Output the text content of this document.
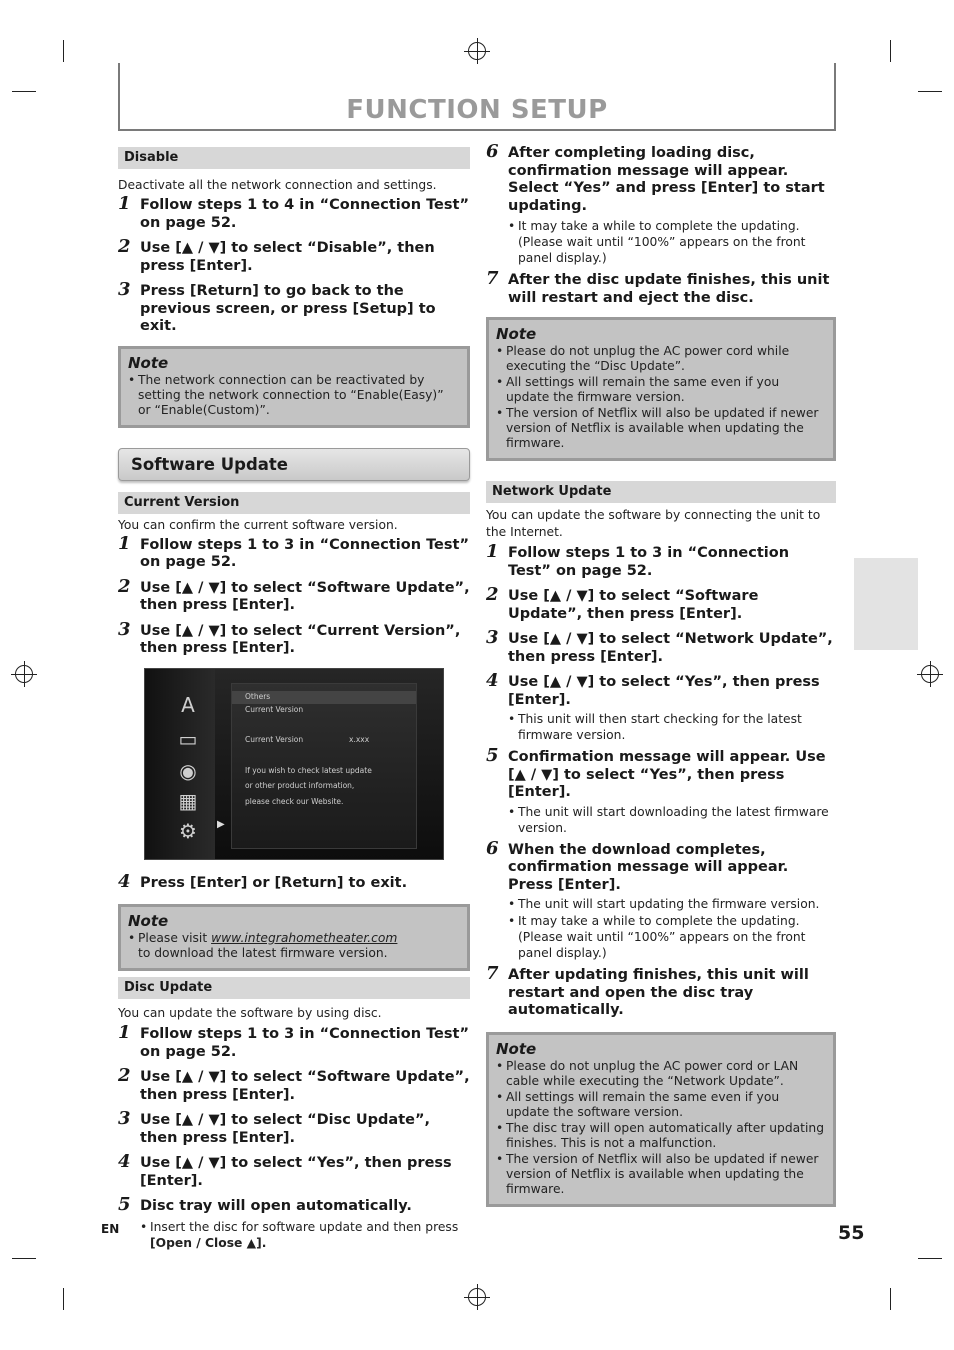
FUNCTION SETUP
Disable
Deactivate all the network connection and settings.
1 Follow steps 1 to 4 in “Connection Test” on page 52.
2 Use [▲ / ▼] to select “Disable”, then press [Enter].
3 Press [Return] to go back to the previous screen, or press [Setup] to exit.
Note
• The network connection can be reactivated by setting the network connection to “Enable(Easy)” or “Enable(Custom)”.
Software Update
Current Version
You can confirm the current software version.
1 Follow steps 1 to 3 in “Connection Test” on page 52.
2 Use [▲ / ▼] to select “Software Update”, then press [Enter].
3 Use [▲ / ▼] to select “Current Version”, then press [Enter].
A
▭
◉
▦
⚙	▶
Others
Current Version
Current Version	x.xxx
If you wish to check latest update
or other product information,
please check our Website.
4 Press [Enter] or [Return] to exit.
Note
• Please visit www.integrahometheater.com
to download the latest firmware version.
Disc Update
You can update the software by using disc.
1 Follow steps 1 to 3 in “Connection Test” on page 52.
2 Use [▲ / ▼] to select “Software Update”, then press [Enter].
3 Use [▲ / ▼] to select “Disc Update”, then press [Enter].
4 Use [▲ / ▼] to select “Yes”, then press [Enter].
5 Disc tray will open automatically.
• Insert the disc for software update and then press
[Open / Close ▲].
6 After completing loading disc, confirmation message will appear. Select “Yes” and press [Enter] to start updating.
• It may take a while to complete the updating. (Please wait until “100%” appears on the front panel display.)
7 After the disc update finishes, this unit will restart and eject the disc.
Note
• Please do not unplug the AC power cord while executing the “Disc Update”.
• All settings will remain the same even if you update the firmware version.
• The version of Netflix will also be updated if newer version of Netflix is available when updating the firmware.
Network Update
You can update the software by connecting the unit to the Internet.
1 Follow steps 1 to 3 in “Connection Test” on page 52.
2 Use [▲ / ▼] to select “Software Update”, then press [Enter].
3 Use [▲ / ▼] to select “Network Update”, then press [Enter].
4 Use [▲ / ▼] to select “Yes”, then press [Enter].
• This unit will then start checking for the latest firmware version.
5 Confirmation message will appear. Use [▲ / ▼] to select “Yes”, then press [Enter].
• The unit will start downloading the latest firmware version.
6 When the download completes, confirmation message will appear. Press [Enter].
• The unit will start updating the firmware version.
• It may take a while to complete the updating. (Please wait until “100%” appears on the front panel display.)
7 After updating finishes, this unit will restart and open the disc tray automatically.
Note
• Please do not unplug the AC power cord or LAN cable while executing the “Network Update”.
• All settings will remain the same even if you update the software version.
• The disc tray will open automatically after updating finishes. This is not a malfunction.
• The version of Netflix will also be updated if newer version of Netflix is available when updating the firmware.
EN	55
